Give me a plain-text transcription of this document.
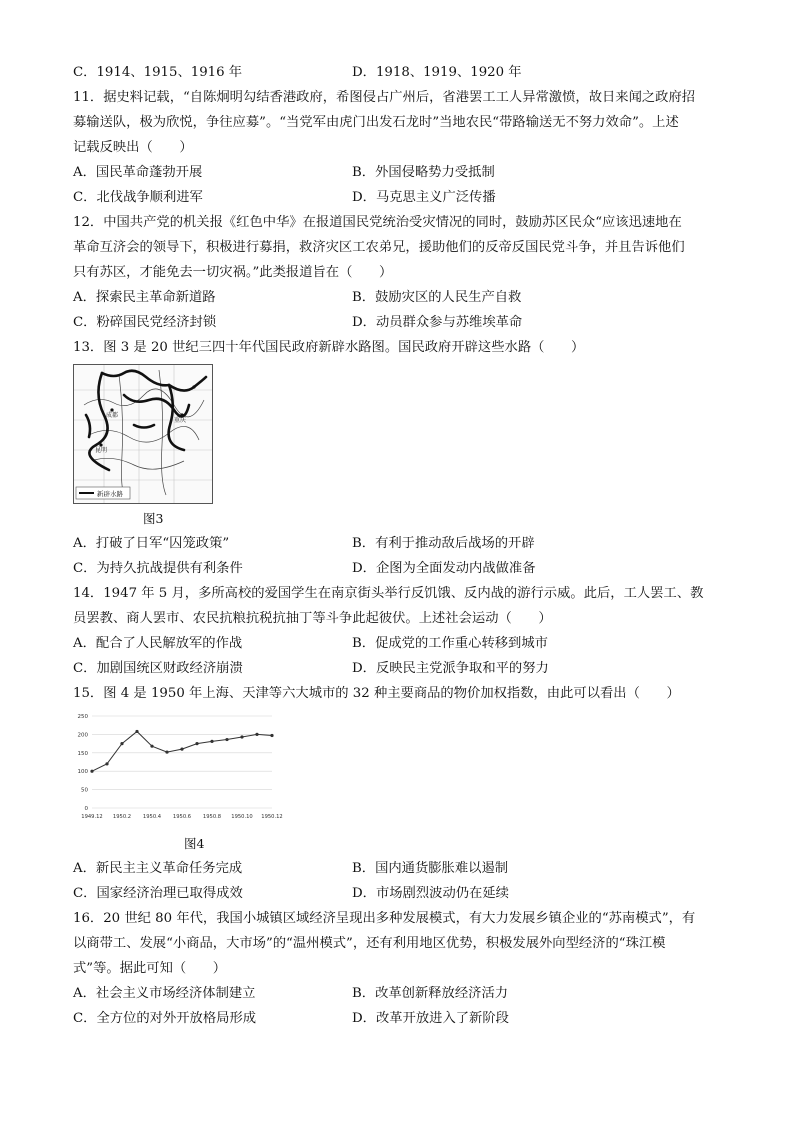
C．1914、1915、1916 年	D．1918、1919、1920 年
11．据史料记载，“自陈炯明勾结香港政府，希图侵占广州后，省港罢工工人异常激愤，故日来闻之政府招
募输送队，极为欣悦，争往应募”。“当党军由虎门出发石龙时”当地农民“带路输送无不努力效命”。上述
记载反映出（　　）
A．国民革命蓬勃开展	B．外国侵略势力受抵制
C．北伐战争顺利进军	D．马克思主义广泛传播
12．中国共产党的机关报《红色中华》在报道国民党统治受灾情况的同时，鼓励苏区民众“应该迅速地在
革命互济会的领导下，积极进行募捐，救济灾区工农弟兄，援助他们的反帝反国民党斗争，并且告诉他们
只有苏区，才能免去一切灾祸。”此类报道旨在（　　）
A．探索民主革命新道路	B．鼓励灾区的人民生产自救
C．粉碎国民党经济封锁	D．动员群众参与苏维埃革命
13．图 3 是 20 世纪三四十年代国民政府新辟水路图。国民政府开辟这些水路（　　）
昆明
成都
重庆
新辟水路
图3
A．打破了日军“囚笼政策”	B．有利于推动敌后战场的开辟
C．为持久抗战提供有利条件	D．企图为全面发动内战做准备
14．1947 年 5 月，多所高校的爱国学生在南京街头举行反饥饿、反内战的游行示威。此后，工人罢工、教
员罢教、商人罢市、农民抗粮抗税抗抽丁等斗争此起彼伏。上述社会运动（　　）
A．配合了人民解放军的作战	B．促成党的工作重心转移到城市
C．加剧国统区财政经济崩溃	D．反映民主党派争取和平的努力
15．图 4 是 1950 年上海、天津等六大城市的 32 种主要商品的物价加权指数，由此可以看出（　　）
0
50
100
150
200
250
1949.12 1950.2 1950.4 1950.6 1950.8 1950.10 1950.12
图4
A．新民主主义革命任务完成	B．国内通货膨胀难以遏制
C．国家经济治理已取得成效	D．市场剧烈波动仍在延续
16．20 世纪 80 年代，我国小城镇区域经济呈现出多种发展模式，有大力发展乡镇企业的“苏南模式”，有
以商带工、发展“小商品，大市场”的“温州模式”，还有利用地区优势，积极发展外向型经济的“珠江模
式”等。据此可知（　　）
A．社会主义市场经济体制建立	B．改革创新释放经济活力
C．全方位的对外开放格局形成	D．改革开放进入了新阶段
